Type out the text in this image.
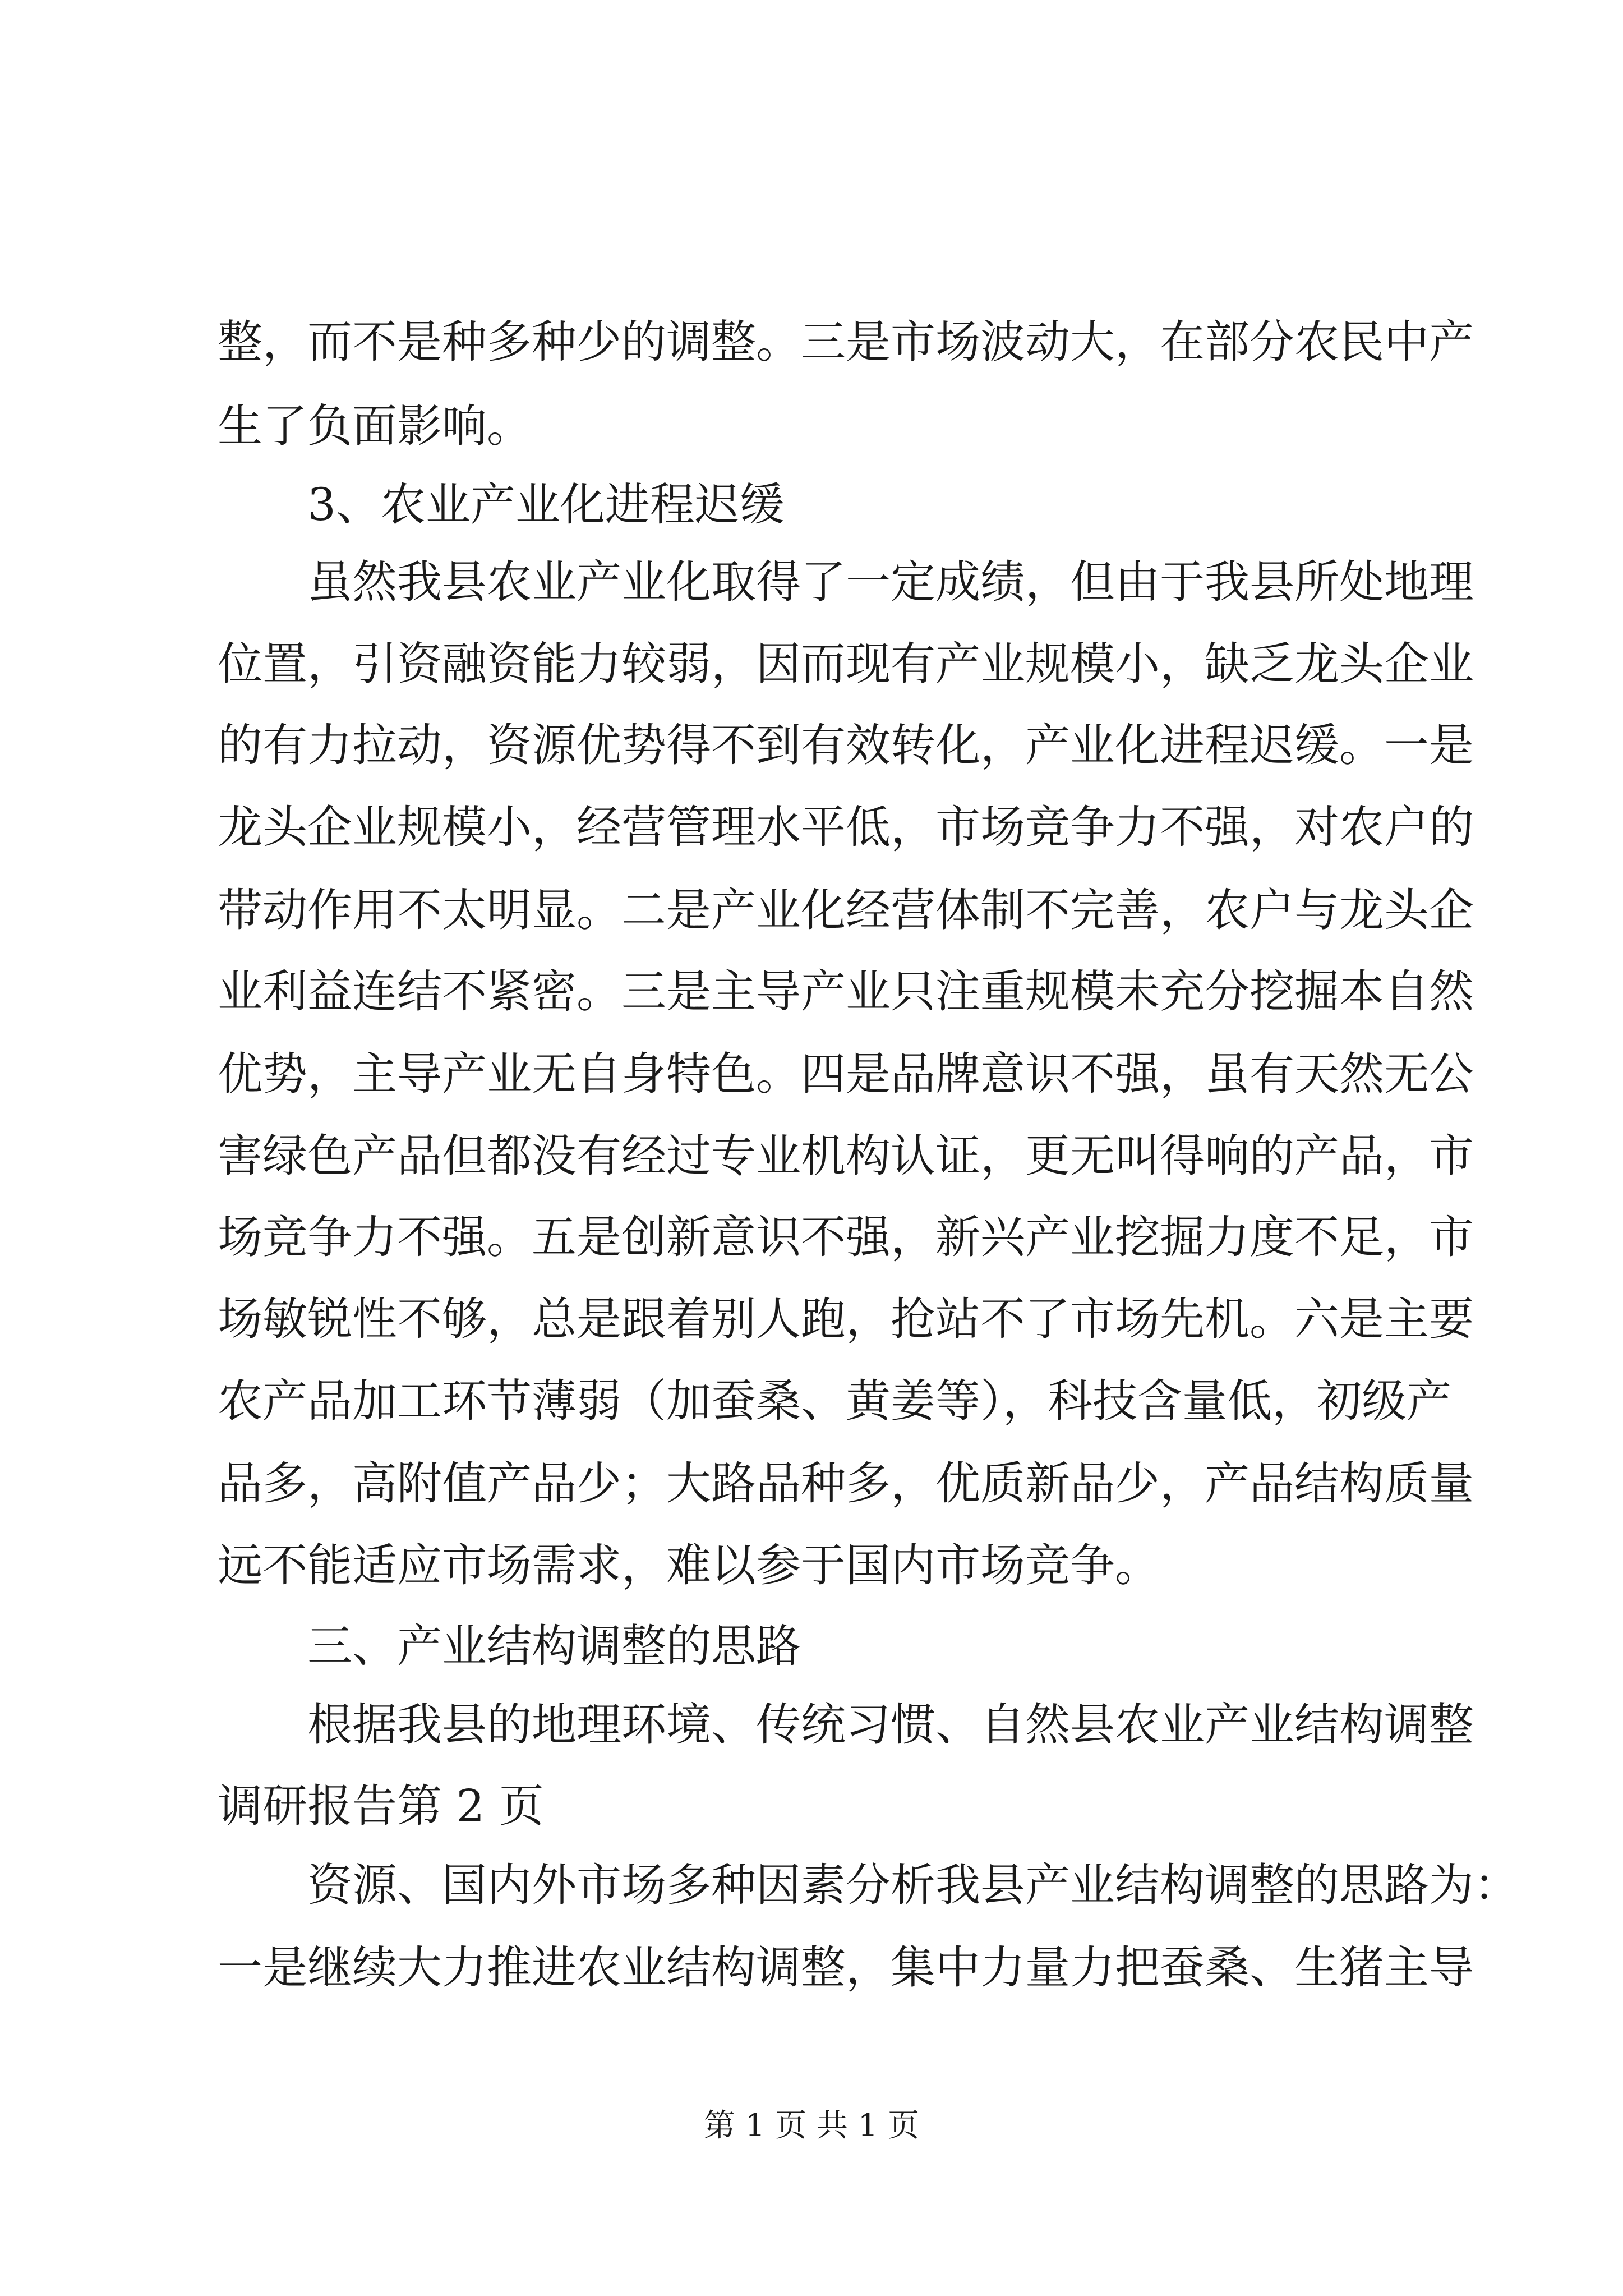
整，而不是种多种少的调整。三是市场波动大，在部分农民中产
生了负面影响。
3、农业产业化进程迟缓
虽然我县农业产业化取得了一定成绩，但由于我县所处地理
位置，引资融资能力较弱，因而现有产业规模小，缺乏龙头企业
的有力拉动，资源优势得不到有效转化，产业化进程迟缓。一是
龙头企业规模小，经营管理水平低，市场竞争力不强，对农户的
带动作用不太明显。二是产业化经营体制不完善，农户与龙头企
业利益连结不紧密。三是主导产业只注重规模未充分挖掘本自然
优势，主导产业无自身特色。四是品牌意识不强，虽有天然无公
害绿色产品但都没有经过专业机构认证，更无叫得响的产品，市
场竞争力不强。五是创新意识不强，新兴产业挖掘力度不足，市
场敏锐性不够，总是跟着别人跑，抢站不了市场先机。六是主要
农产品加工环节薄弱（加蚕桑、黄姜等），科技含量低，初级产
品多，高附值产品少；大路品种多，优质新品少，产品结构质量
远不能适应市场需求，难以参于国内市场竞争。
三、产业结构调整的思路
根据我县的地理环境、传统习惯、自然县农业产业结构调整
调研报告第 2 页
资源、国内外市场多种因素分析我县产业结构调整的思路为：
一是继续大力推进农业结构调整，集中力量力把蚕桑、生猪主导
第 1 页 共 1 页
